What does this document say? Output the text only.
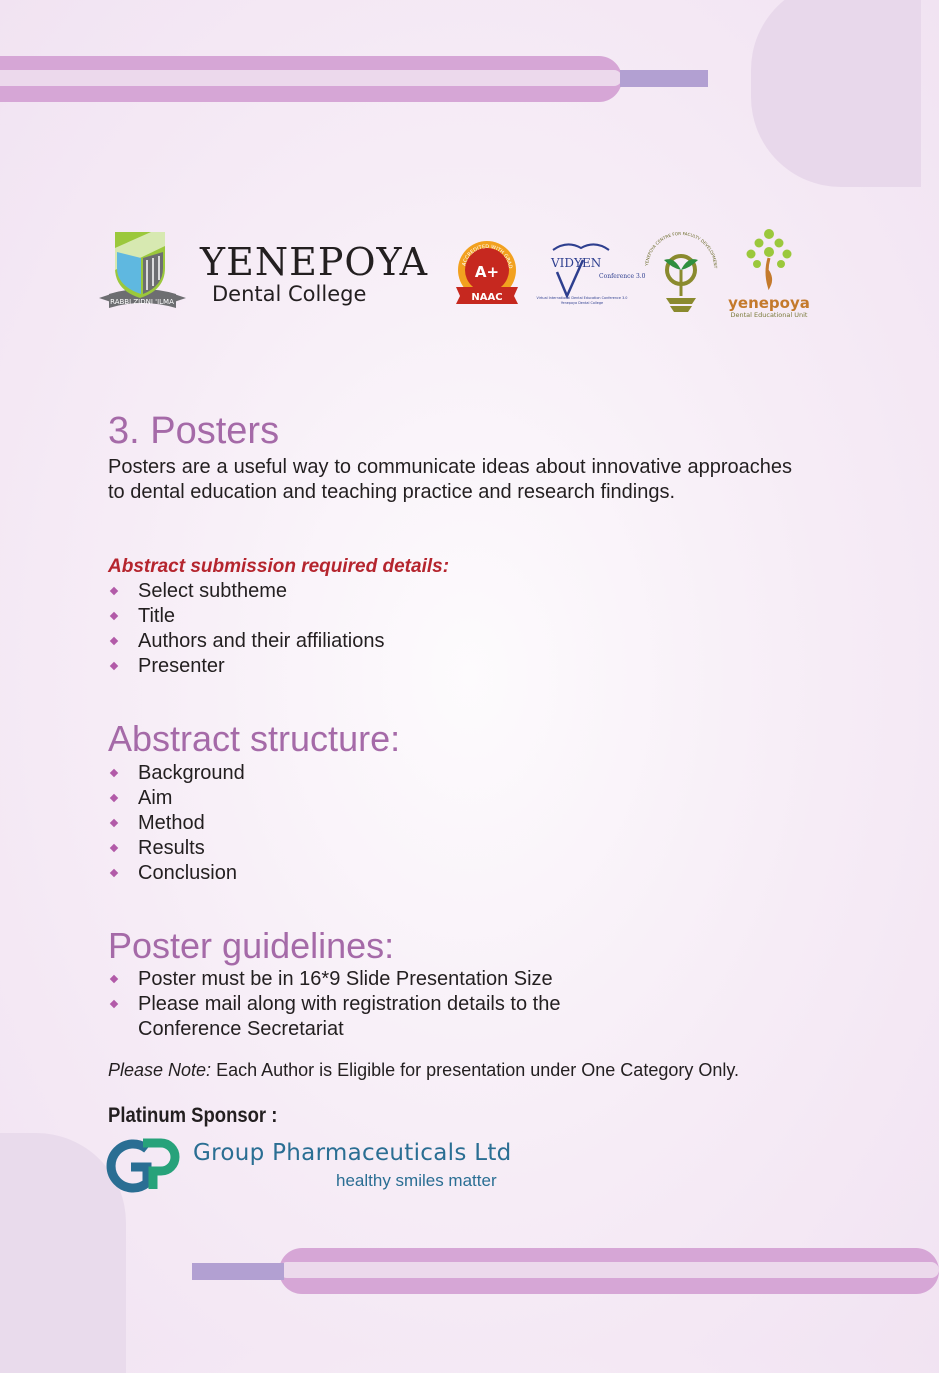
RABBI ZIDNI 'ILMA
YENEPOYA
Dental College
ACCREDITED WITH GRAD
A+
NAAC
VIDYEN
Conference 3.0
Virtual International Dental Education Conference 3.0
Yenepoya Dental College
YENEPOYA CENTRE FOR FACULTY DEVELOPMENT
yenepoya
Dental Educational Unit
3. Posters

Posters are a useful way to communicate ideas about innovative approaches to dental education and teaching practice and research findings.

Abstract submission required details:
Select subtheme
Title
Authors and their affiliations
Presenter
Abstract structure:
Background
Aim
Method
Results
Conclusion
Poster guidelines:
Poster must be in 16*9 Slide Presentation Size
Please mail along with registration details to the
Conference Secretariat
Please Note: Each Author is Eligible for presentation under One Category Only.
Platinum Sponsor :
Group Pharmaceuticals Ltd
healthy smiles matter
